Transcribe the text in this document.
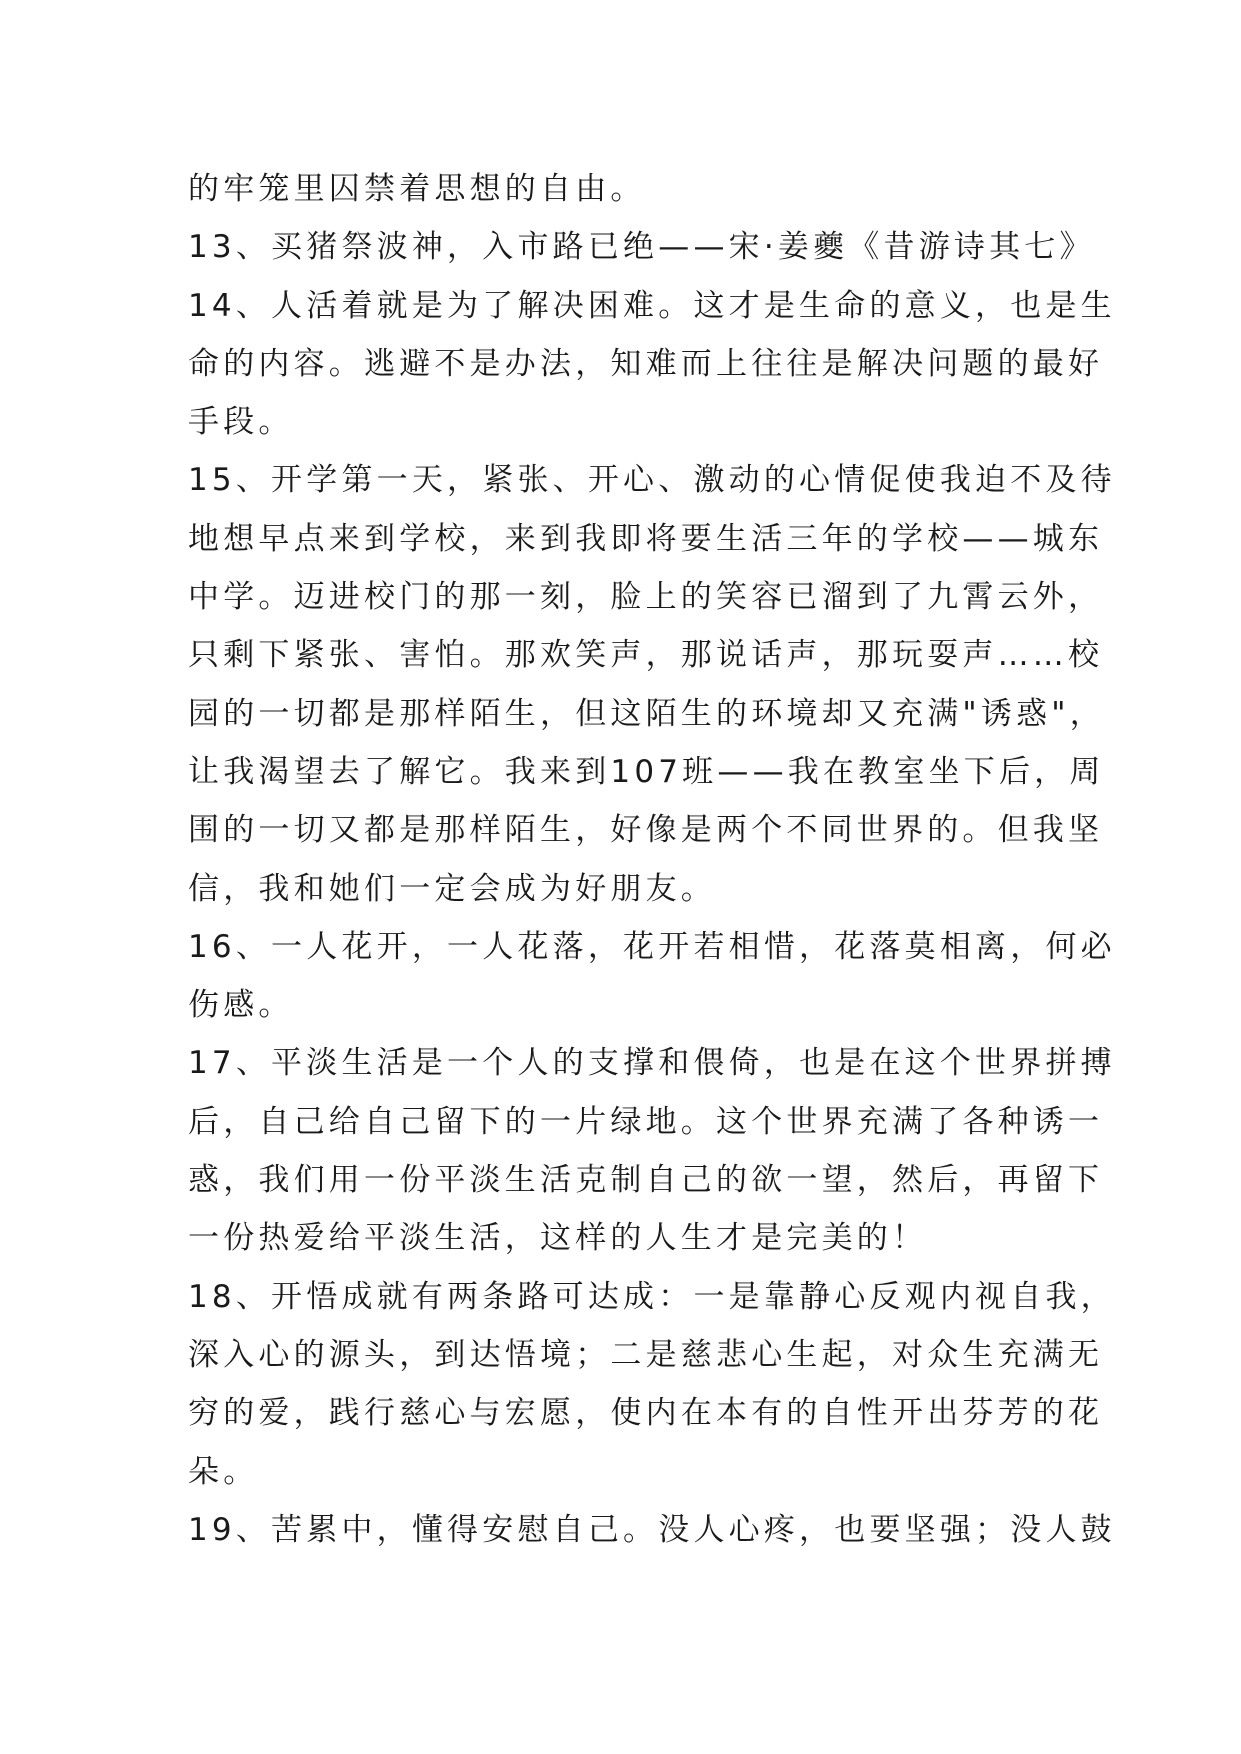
的牢笼里囚禁着思想的自由。
13、买猪祭波神，入市路已绝——宋·姜夔《昔游诗其七》
14、人活着就是为了解决困难。这才是生命的意义，也是生
命的内容。逃避不是办法，知难而上往往是解决问题的最好
手段。
15、开学第一天，紧张、开心、激动的心情促使我迫不及待
地想早点来到学校，来到我即将要生活三年的学校——城东
中学。迈进校门的那一刻，脸上的笑容已溜到了九霄云外，
只剩下紧张、害怕。那欢笑声，那说话声，那玩耍声……校
园的一切都是那样陌生，但这陌生的环境却又充满"诱惑"，
让我渴望去了解它。我来到107班——我在教室坐下后，周
围的一切又都是那样陌生，好像是两个不同世界的。但我坚
信，我和她们一定会成为好朋友。
16、一人花开，一人花落，花开若相惜，花落莫相离，何必
伤感。
17、平淡生活是一个人的支撑和偎倚，也是在这个世界拼搏
后，自己给自己留下的一片绿地。这个世界充满了各种诱一
惑，我们用一份平淡生活克制自己的欲一望，然后，再留下
一份热爱给平淡生活，这样的人生才是完美的！
18、开悟成就有两条路可达成：一是靠静心反观内视自我，
深入心的源头，到达悟境；二是慈悲心生起，对众生充满无
穷的爱，践行慈心与宏愿，使内在本有的自性开出芬芳的花
朵。
19、苦累中，懂得安慰自己。没人心疼，也要坚强；没人鼓
